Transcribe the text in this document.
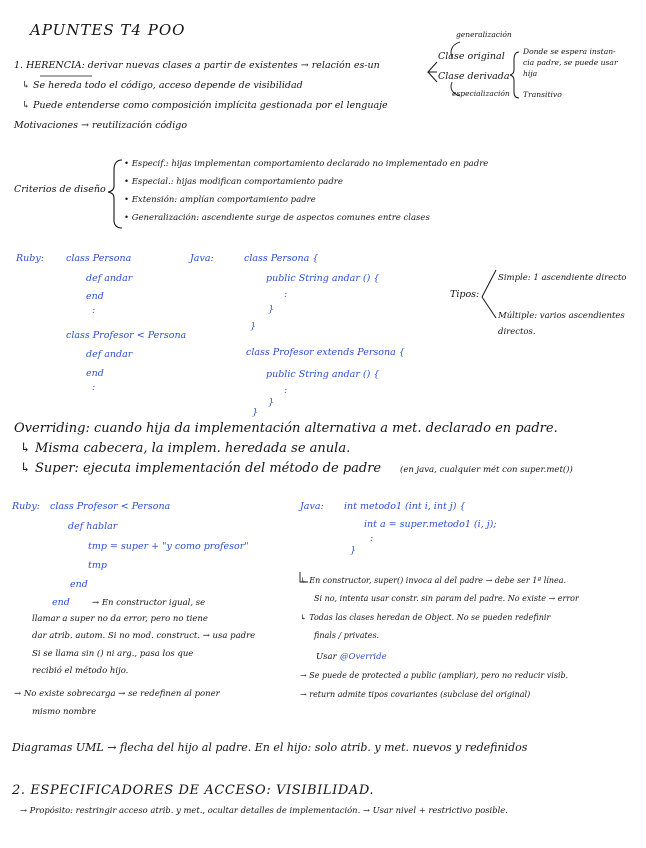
APUNTES T4 POO
1. HERENCIA: derivar nuevas clases a partir de existentes → relación es-un
↳ Se hereda todo el código, acceso depende de visibilidad
↳ Puede entenderse como composición implícita gestionada por el lenguaje
Motivaciones → reutilización código
generalización
Clase original
Clase derivada
especialización
Donde se espera instan-
cia padre, se puede usar
hija
Transitivo
Criterios de diseño
• Especif.: hijas implementan comportamiento declarado no implementado en padre
• Especial.: hijas modifican comportamiento padre
• Extensión: amplían comportamiento padre
• Generalización: ascendiente surge de aspectos comunes entre clases
Ruby: class Persona
def andar
end
:
class Profesor < Persona
def andar
end
:
Java:	class Persona {
public String andar () {
:
}
}
class Profesor extends Persona {
public String andar () {
:
}
}
Tipos:
Simple: 1 ascendiente directo
Múltiple: varios ascendientes
directos.
Overriding: cuando hija da implementación alternativa a met. declarado en padre.
↳ Misma cabecera, la implem. heredada se anula.
↳ Super: ejecuta implementación del método de padre (en java, cualquier mét con super.met())
Ruby: class Profesor < Persona
def hablar
tmp = super + "y como profesor"
tmp
end
end	→ En constructor igual, se
llamar a super no da error, pero no tiene
dar atrib. autom. Si no mod. construct. → usa padre
Si se llama sin () ni arg., pasa los que
recibió el método hijo.
→ No existe sobrecarga → se redefinen al poner
mismo nombre
Java: int metodo1 (int i, int j) {
int a = super.metodo1 (i, j);
:
}
↳ En constructor, super() invoca al del padre → debe ser 1ª línea.
Si no, intenta usar constr. sin param del padre. No existe → error
↳ Todas las clases heredan de Object. No se pueden redefinir
finals / privates.
Usar @Override
→ Se puede de protected a public (ampliar), pero no reducir visib.
→ return admite tipos covariantes (subclase del original)
Diagramas UML → flecha del hijo al padre. En el hijo: solo atrib. y met. nuevos y redefinidos
2. ESPECIFICADORES DE ACCESO: VISIBILIDAD.
→ Propósito: restringir acceso atrib. y met., ocultar detalles de implementación. → Usar nivel + restrictivo posible.
